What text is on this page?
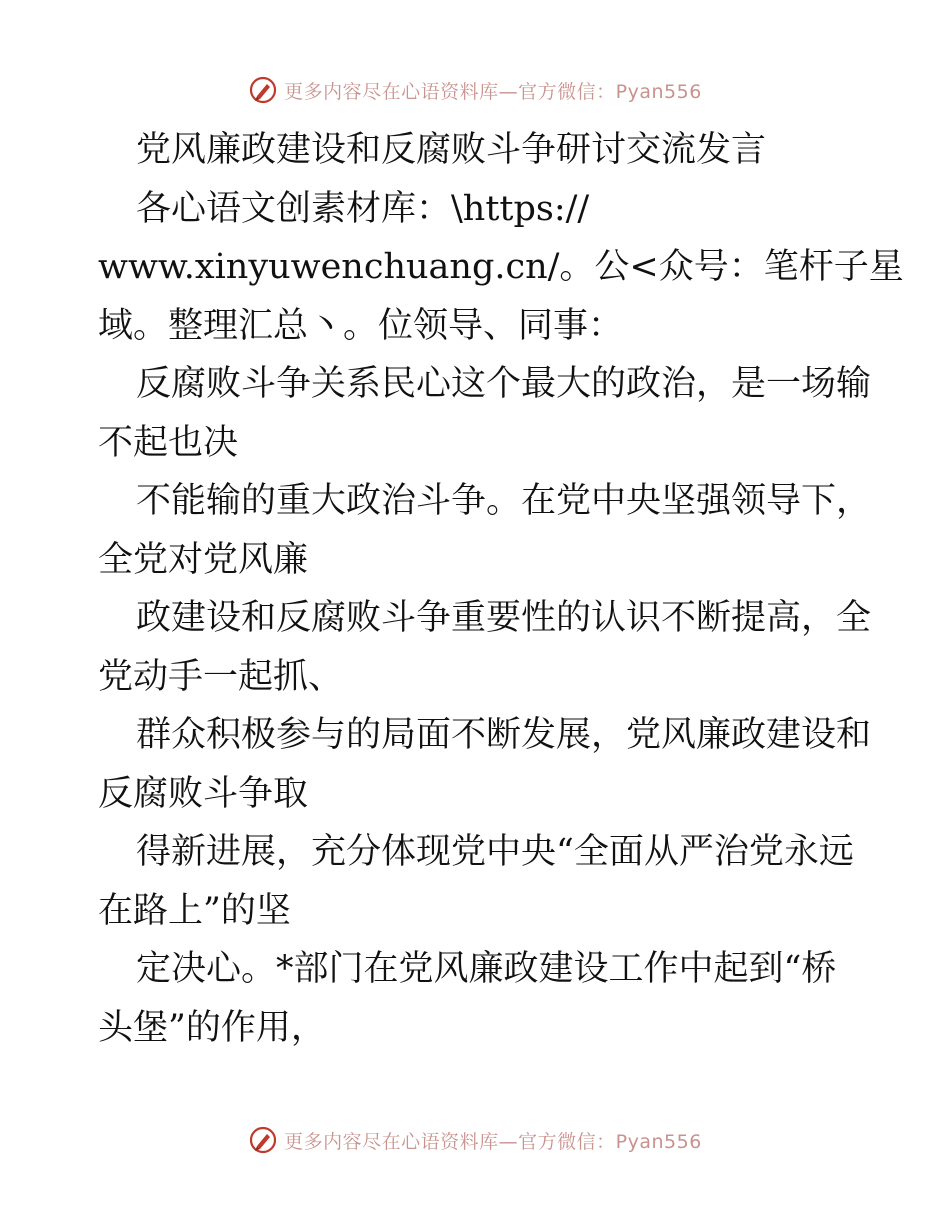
更多内容尽在心语资料库—官方微信：Pyan556
党风廉政建设和反腐败斗争研讨交流发言
各心语文创素材库：\https://
www.xinyuwenchuang.cn/。公<众号：笔杆子星
域。整理汇总丶。位领导、同事：
反腐败斗争关系民心这个最大的政治，是一场输
不起也决
不能输的重大政治斗争。在党中央坚强领导下，
全党对党风廉
政建设和反腐败斗争重要性的认识不断提高，全
党动手一起抓、
群众积极参与的局面不断发展，党风廉政建设和
反腐败斗争取
得新进展，充分体现党中央“全面从严治党永远
在路上”的坚
定决心。*部门在党风廉政建设工作中起到“桥
头堡”的作用，
更多内容尽在心语资料库—官方微信：Pyan556
